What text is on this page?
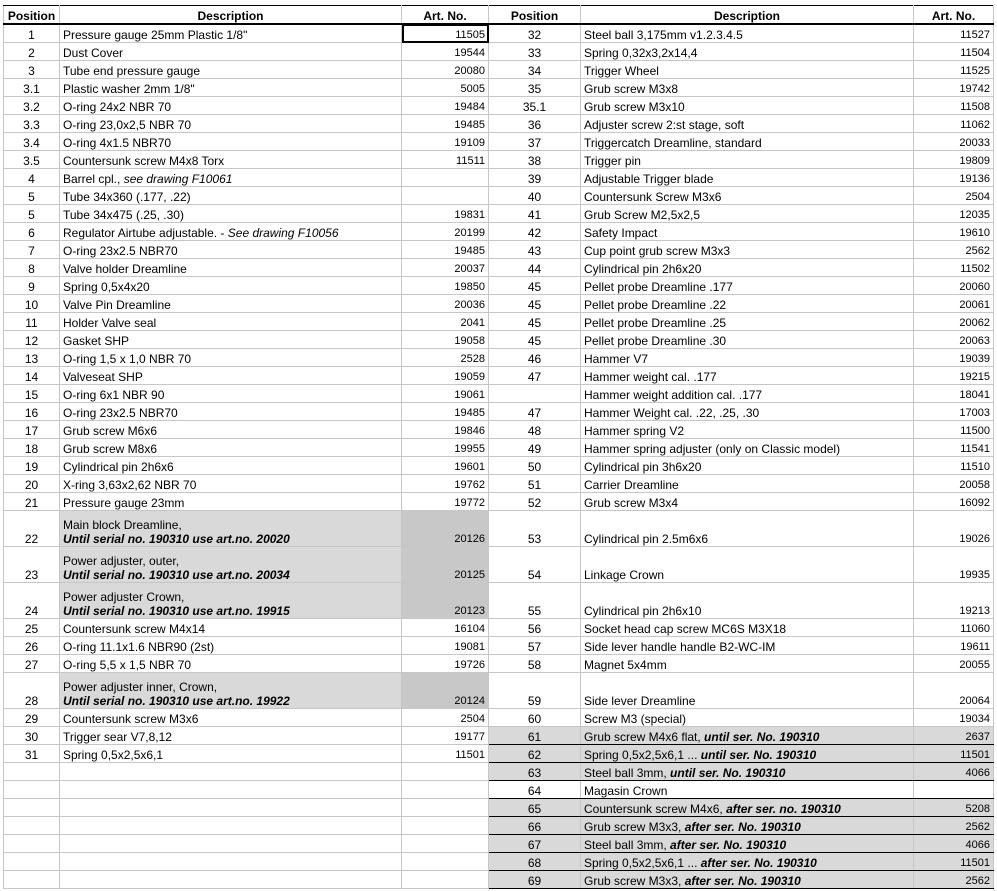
Position	Description	Art. No.	Position	Description	Art. No.
1	Pressure gauge 25mm Plastic 1/8"	11505	32	Steel ball 3,175mm v1.2.3.4.5	11527
2	Dust Cover	19544	33	Spring 0,32x3,2x14,4	11504
3	Tube end pressure gauge	20080	34	Trigger Wheel	11525
3.1	Plastic washer 2mm 1/8"	5005	35	Grub screw M3x8	19742
3.2	O-ring 24x2 NBR 70	19484	35.1	Grub screw M3x10	11508
3.3	O-ring 23,0x2,5 NBR 70	19485	36	Adjuster screw 2:st stage, soft	11062
3.4	O-ring 4x1.5 NBR70	19109	37	Triggercatch Dreamline, standard	20033
3.5	Countersunk screw M4x8 Torx	11511	38	Trigger pin	19809
4	Barrel cpl., see drawing F10061		39	Adjustable Trigger blade	19136
5	Tube 34x360 (.177, .22)		40	Countersunk Screw M3x6	2504
5	Tube 34x475 (.25, .30)	19831	41	Grub Screw M2,5x2,5	12035
6	Regulator Airtube adjustable. - See drawing F10056	20199	42	Safety Impact	19610
7	O-ring 23x2.5 NBR70	19485	43	Cup point grub screw M3x3	2562
8	Valve holder Dreamline	20037	44	Cylindrical pin 2h6x20	11502
9	Spring 0,5x4x20	19850	45	Pellet probe Dreamline .177	20060
10	Valve Pin Dreamline	20036	45	Pellet probe Dreamline .22	20061
11	Holder Valve seal	2041	45	Pellet probe Dreamline .25	20062
12	Gasket SHP	19058	45	Pellet probe Dreamline .30	20063
13	O-ring 1,5 x 1,0 NBR 70	2528	46	Hammer V7	19039
14	Valveseat SHP	19059	47	Hammer weight cal. .177	19215
15	O-ring 6x1 NBR 90	19061		Hammer weight addition cal. .177	18041
16	O-ring 23x2.5 NBR70	19485	47	Hammer Weight cal. .22, .25, .30	17003
17	Grub screw M6x6	19846	48	Hammer spring V2	11500
18	Grub screw M8x6	19955	49	Hammer spring adjuster (only on Classic model)	11541
19	Cylindrical pin 2h6x6	19601	50	Cylindrical pin 3h6x20	11510
20	X-ring 3,63x2,62 NBR 70	19762	51	Carrier Dreamline	20058
21	Pressure gauge 23mm	19772	52	Grub screw M3x4	16092
22	Main block Dreamline,
Until serial no. 190310 use art.no. 20020	20126	53	Cylindrical pin 2.5m6x6	19026
23	Power adjuster, outer,
Until serial no. 190310 use art.no. 20034	20125	54	Linkage Crown	19935
24	Power adjuster Crown,
Until serial no. 190310 use art.no. 19915	20123	55	Cylindrical pin 2h6x10	19213
25	Countersunk screw M4x14	16104	56	Socket head cap screw MC6S M3X18	11060
26	O-ring 11.1x1.6 NBR90 (2st)	19081	57	Side lever handle handle B2-WC-IM	19611
27	O-ring 5,5 x 1,5 NBR 70	19726	58	Magnet 5x4mm	20055
28	Power adjuster inner, Crown,
Until serial no. 190310 use art.no. 19922	20124	59	Side lever Dreamline	20064
29	Countersunk screw M3x6	2504	60	Screw M3 (special)	19034
30	Trigger sear V7,8,12	19177	61	Grub screw M4x6 flat, until ser. No. 190310	2637
31	Spring 0,5x2,5x6,1	11501	62	Spring 0,5x2,5x6,1 ... until ser. No. 190310	11501
			63	Steel ball 3mm, until ser. No. 190310	4066
			64	Magasin Crown	
			65	Countersunk screw M4x6, after ser. no. 190310	5208
			66	Grub screw M3x3, after ser. No. 190310	2562
			67	Steel ball 3mm, after ser. No. 190310	4066
			68	Spring 0,5x2,5x6,1 ... after ser. No. 190310	11501
			69	Grub screw M3x3, after ser. No. 190310	2562
